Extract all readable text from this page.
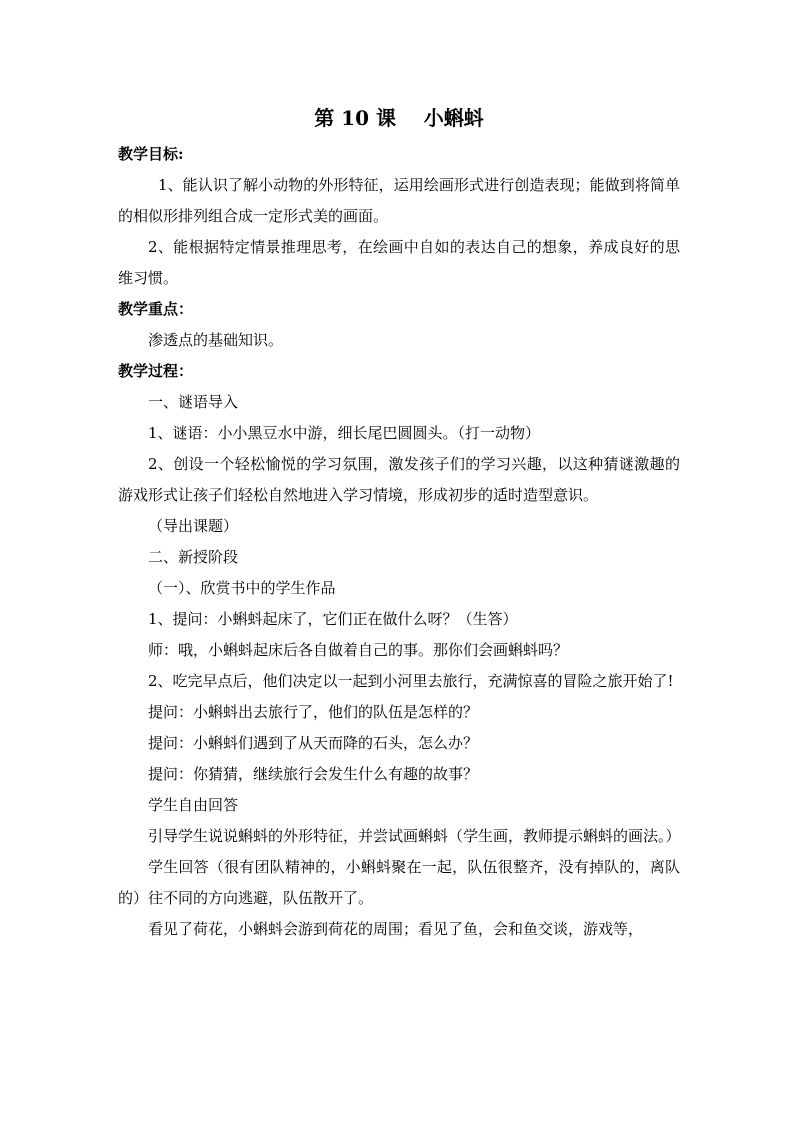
第 10 课    小蝌蚪

教学目标:

1、能认识了解小动物的外形特征，运用绘画形式进行创造表现；能做到将简单的相似形排列组合成一定形式美的画面。

2、能根据特定情景推理思考，在绘画中自如的表达自己的想象，养成良好的思维习惯。

教学重点：

渗透点的基础知识。

教学过程：

一、谜语导入

1、谜语：小小黑豆水中游，细长尾巴圆圆头。（打一动物）

2、创设一个轻松愉悦的学习氛围，激发孩子们的学习兴趣，以这种猜谜激趣的游戏形式让孩子们轻松自然地进入学习情境，形成初步的适时造型意识。

（导出课题）

二、新授阶段

（一）、欣赏书中的学生作品

1、提问：小蝌蚪起床了，它们正在做什么呀？（生答）

师：哦，小蝌蚪起床后各自做着自己的事。那你们会画蝌蚪吗？

2、吃完早点后，他们决定以一起到小河里去旅行，充满惊喜的冒险之旅开始了!

提问：小蝌蚪出去旅行了，他们的队伍是怎样的？

提问：小蝌蚪们遇到了从天而降的石头，怎么办？

提问：你猜猜，继续旅行会发生什么有趣的故事？

学生自由回答

引导学生说说蝌蚪的外形特征，并尝试画蝌蚪（学生画，教师提示蝌蚪的画法。）

学生回答（很有团队精神的，小蝌蚪聚在一起，队伍很整齐，没有掉队的，离队的）往不同的方向逃避，队伍散开了。

看见了荷花，小蝌蚪会游到荷花的周围；看见了鱼，会和鱼交谈，游戏等，
